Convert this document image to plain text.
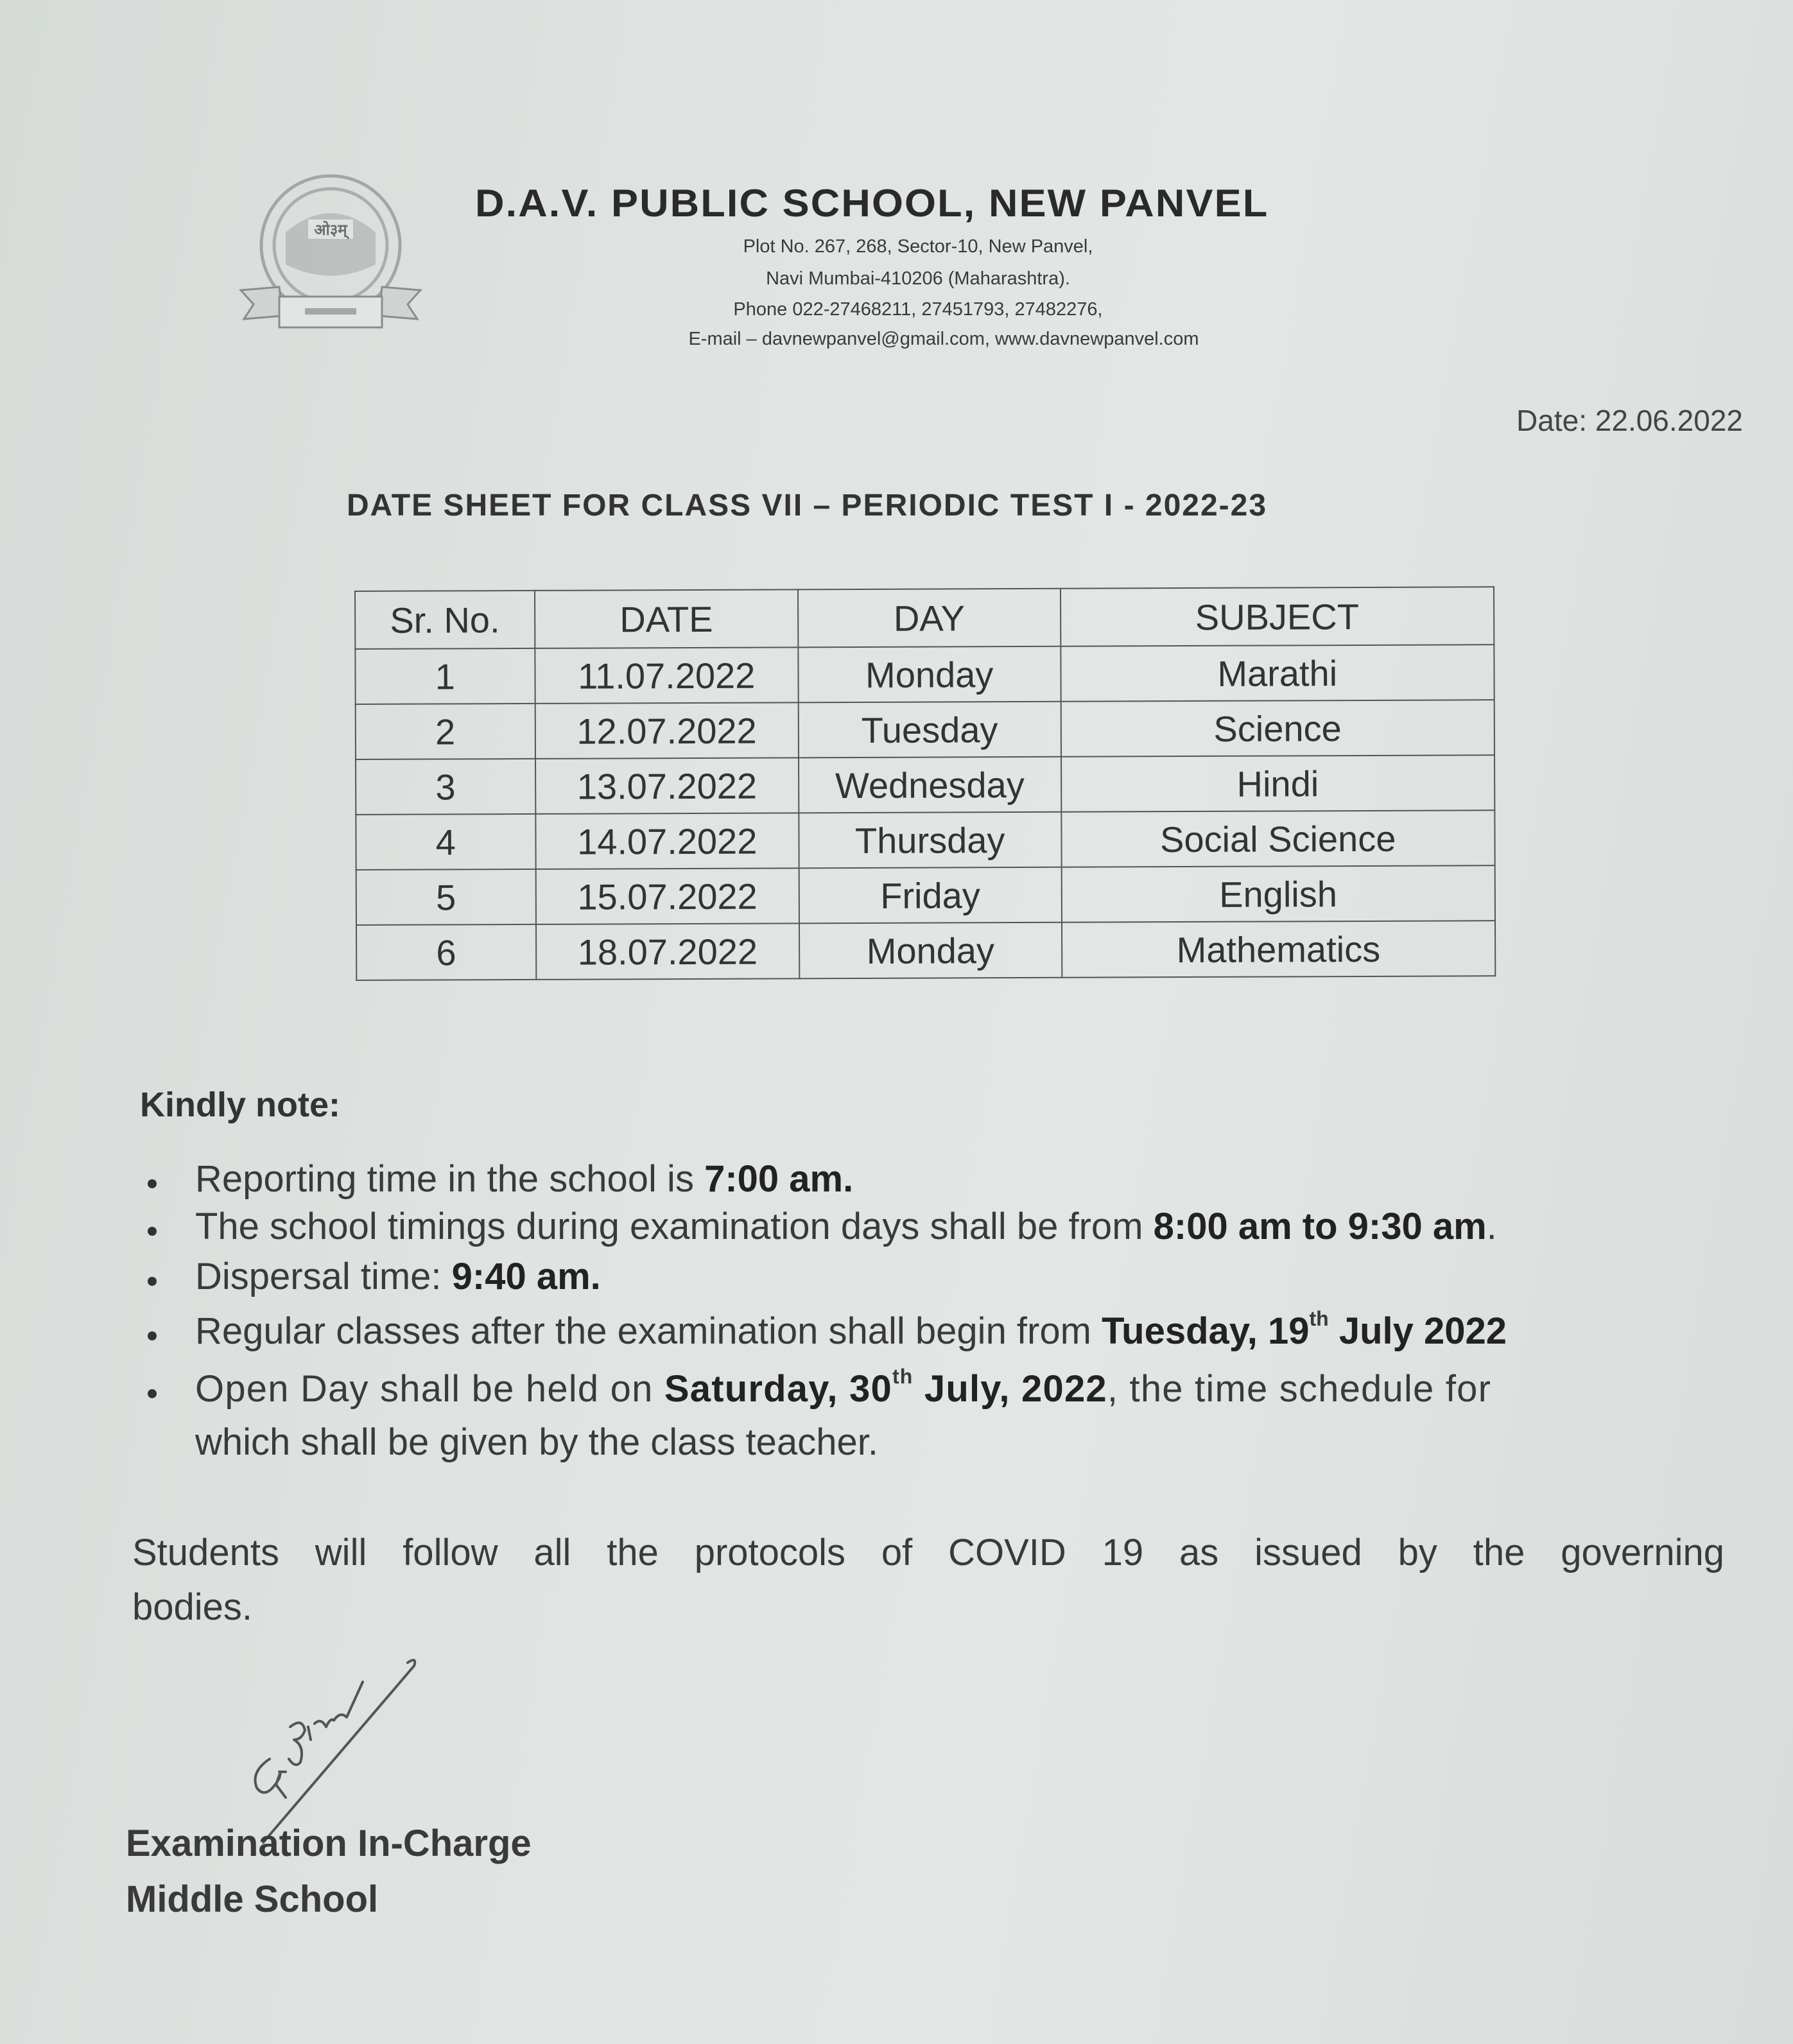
ओ३म्
D.A.V. PUBLIC SCHOOL, NEW PANVEL
Plot No. 267, 268, Sector-10, New Panvel,
Navi Mumbai-410206 (Maharashtra).
Phone 022-27468211, 27451793, 27482276,
E-mail – davnewpanvel@gmail.com, www.davnewpanvel.com
Date: 22.06.2022
DATE SHEET FOR CLASS VII – PERIODIC TEST I - 2022-23
Sr. No.	DATE	DAY	SUBJECT
1	11.07.2022	Monday	Marathi
2	12.07.2022	Tuesday	Science
3	13.07.2022	Wednesday	Hindi
4	14.07.2022	Thursday	Social Science
5	15.07.2022	Friday	English
6	18.07.2022	Monday	Mathematics
Kindly note:
Reporting time in the school is 7:00 am.
The school timings during examination days shall be from 8:00 am to 9:30 am.
Dispersal time: 9:40 am.
Regular classes after the examination shall begin from Tuesday, 19th July 2022
Open Day shall be held on Saturday, 30th July, 2022, the time schedule for
which shall be given by the class teacher.
Students will follow all the protocols of COVID 19 as issued by the governing
bodies.
Examination In-Charge
Middle School
